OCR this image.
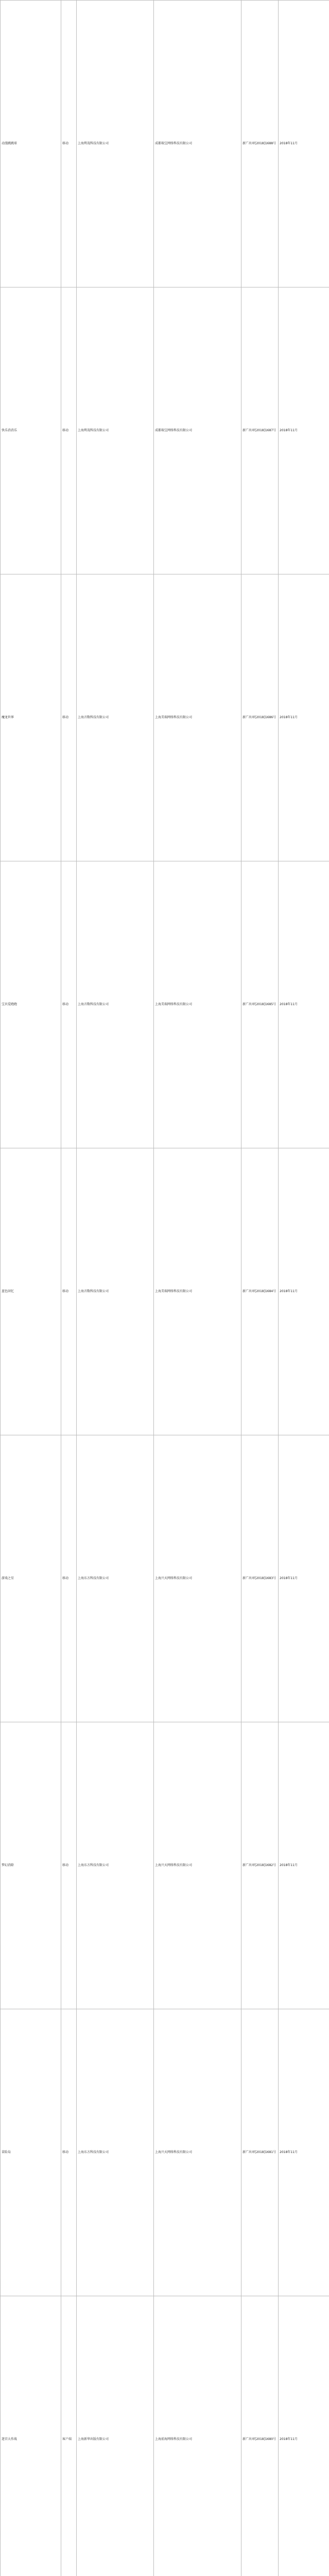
动漫跳跳球	移动	上海利茂科技有限公司	成都瑞宝网络科技有限公司	新广出审[2018]1688号	2018年11月
快乐消消乐	移动	上海利茂科技有限公司	成都瑞宝网络科技有限公司	新广出审[2018]1687号	2018年11月
魔龙世界	移动	上海音数科技有限公司	上海美瑞网络科技有限公司	新广出审[2018]1686号	2018年11月
宝贝爱跑跑	移动	上海音数科技有限公司	上海美瑞网络科技有限公司	新广出审[2018]1685号	2018年11月
蓝色回忆	移动	上海音数科技有限公司	上海美瑞网络科技有限公司	新广出审[2018]1684号	2018年11月
游戏之星	移动	上海东方科技有限公司	上海兴天网络科技有限公司	新广出审[2018]1683号	2018年11月
梦幻消除	移动	上海东方科技有限公司	上海兴天网络科技有限公司	新广出审[2018]1682号	2018年11月
冒险岛	移动	上海东方科技有限公司	上海兴天网络科技有限公司	新广出审[2018]1681号	2018年11月
迷宫大作战	客户端	上海新华出版有限公司	上海前海网络科技有限公司	新广出审[2018]1680号	2018年11月
